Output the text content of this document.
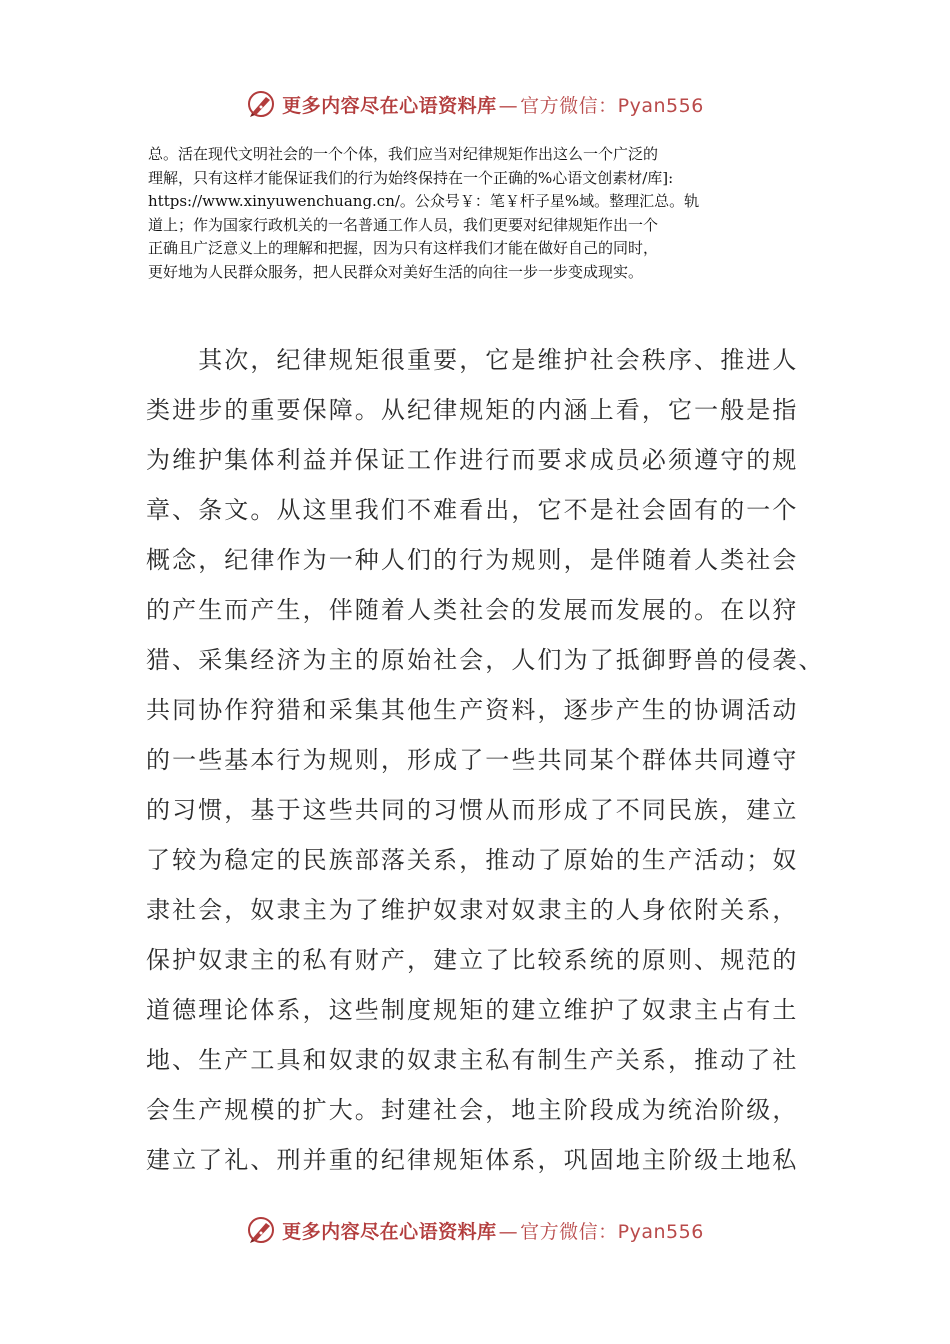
更多内容尽在心语资料库 — 官方微信：Pyan556

总。活在现代文明社会的一个个体，我们应当对纪律规矩作出这么一个广泛的

理解，只有这样才能保证我们的行为始终保持在一个正确的%心语文创素材/库]:

https://www.xinyuwenchuang.cn/。公众号￥：笔￥杆子星%域。整理汇总。轨

道上；作为国家行政机关的一名普通工作人员，我们更要对纪律规矩作出一个

正确且广泛意义上的理解和把握，因为只有这样我们才能在做好自己的同时，

更好地为人民群众服务，把人民群众对美好生活的向往一步一步变成现实。

　　其次，纪律规矩很重要，它是维护社会秩序、推进人
类进步的重要保障。从纪律规矩的内涵上看，它一般是指
为维护集体利益并保证工作进行而要求成员必须遵守的规
章、条文。从这里我们不难看出，它不是社会固有的一个
概念，纪律作为一种人们的行为规则，是伴随着人类社会
的产生而产生，伴随着人类社会的发展而发展的。在以狩
猎、采集经济为主的原始社会，人们为了抵御野兽的侵袭、
共同协作狩猎和采集其他生产资料，逐步产生的协调活动
的一些基本行为规则，形成了一些共同某个群体共同遵守
的习惯，基于这些共同的习惯从而形成了不同民族，建立
了较为稳定的民族部落关系，推动了原始的生产活动；奴
隶社会，奴隶主为了维护奴隶对奴隶主的人身依附关系，
保护奴隶主的私有财产，建立了比较系统的原则、规范的
道德理论体系，这些制度规矩的建立维护了奴隶主占有土
地、生产工具和奴隶的奴隶主私有制生产关系，推动了社
会生产规模的扩大。封建社会，地主阶段成为统治阶级，
建立了礼、刑并重的纪律规矩体系，巩固地主阶级土地私
更多内容尽在心语资料库 — 官方微信：Pyan556
